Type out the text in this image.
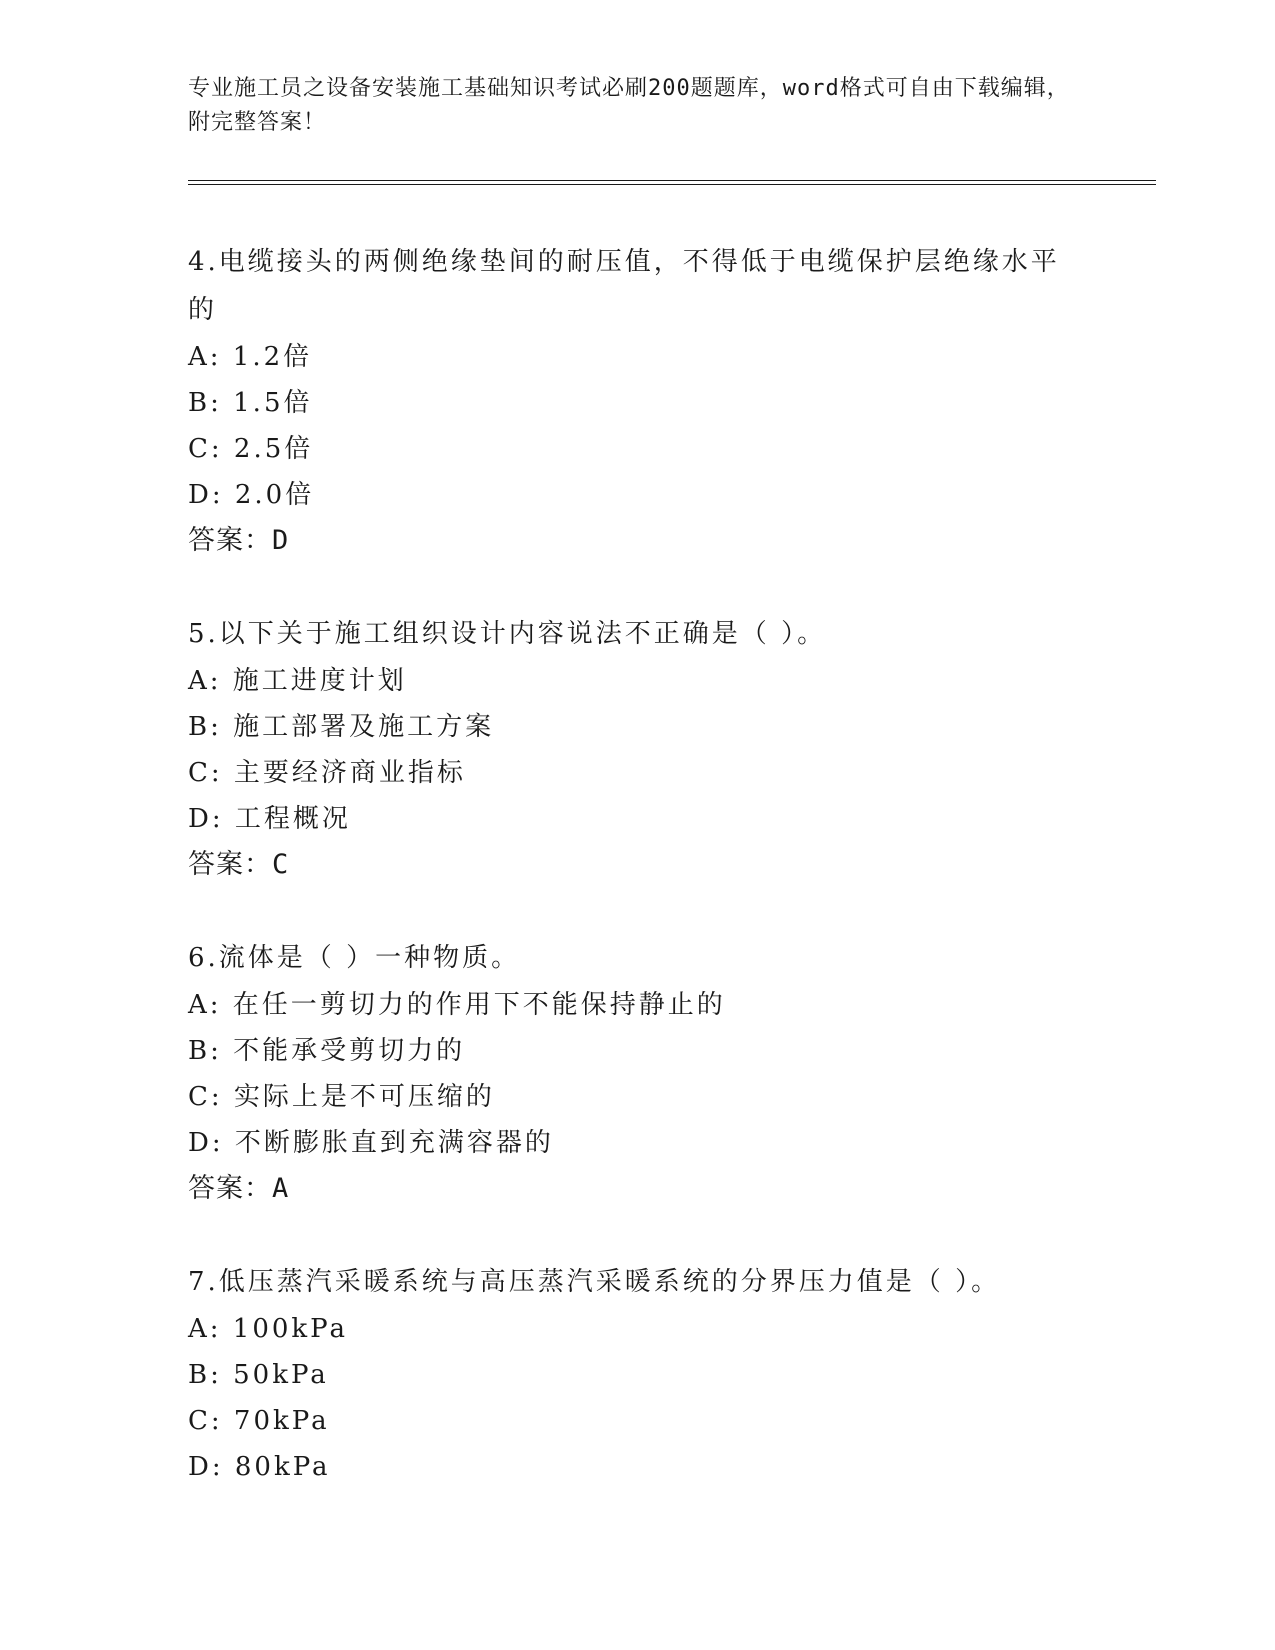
专业施工员之设备安装施工基础知识考试必刷200题题库，word格式可自由下载编辑，附完整答案！
4.电缆接头的两侧绝缘垫间的耐压值，不得低于电缆保护层绝缘水平的
A: 1.2倍
B: 1.5倍
C: 2.5倍
D: 2.0倍
答案：D
5.以下关于施工组织设计内容说法不正确是（ ）。
A: 施工进度计划
B: 施工部署及施工方案
C: 主要经济商业指标
D: 工程概况
答案：C
6.流体是（ ）一种物质。
A: 在任一剪切力的作用下不能保持静止的
B: 不能承受剪切力的
C: 实际上是不可压缩的
D: 不断膨胀直到充满容器的
答案：A
7.低压蒸汽采暖系统与高压蒸汽采暖系统的分界压力值是（ ）。
A: 100kPa
B: 50kPa
C: 70kPa
D: 80kPa
